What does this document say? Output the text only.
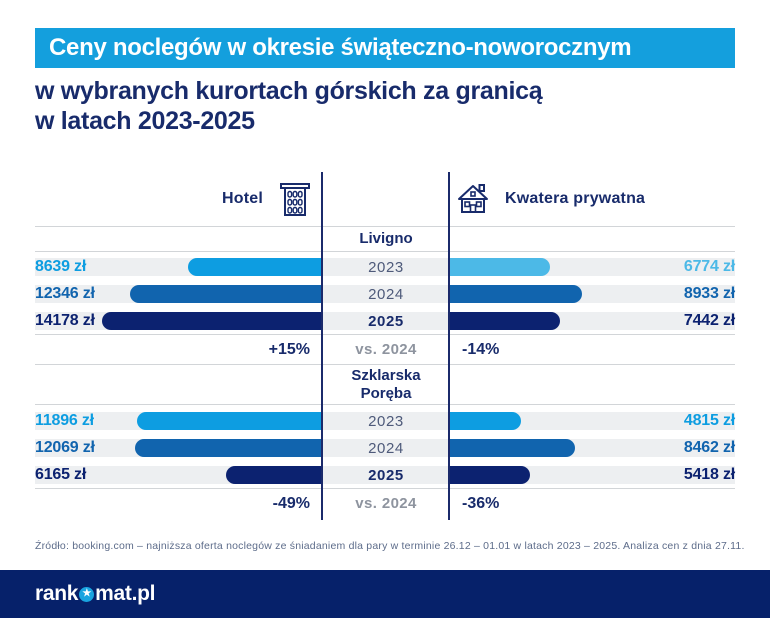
Ceny noclegów w okresie świąteczno-noworocznym
w wybranych kurortach górskich za granicą
w latach 2023-2025
Hotel	Kwatera prywatna
Livigno
8639 zł	2023	6774 zł
12346 zł	2024	8933 zł
14178 zł	2025	7442 zł
+15%	vs. 2024	-14%
Szklarska Poręba
11896 zł	2023	4815 zł
12069 zł	2024	8462 zł
6165 zł	2025	5418 zł
-49%	vs. 2024	-36%
Źródło: booking.com – najniższa oferta noclegów ze śniadaniem dla pary w terminie 26.12 – 01.01 w latach 2023 – 2025. Analiza cen z dnia 27.11.
rank ★ mat.pl
